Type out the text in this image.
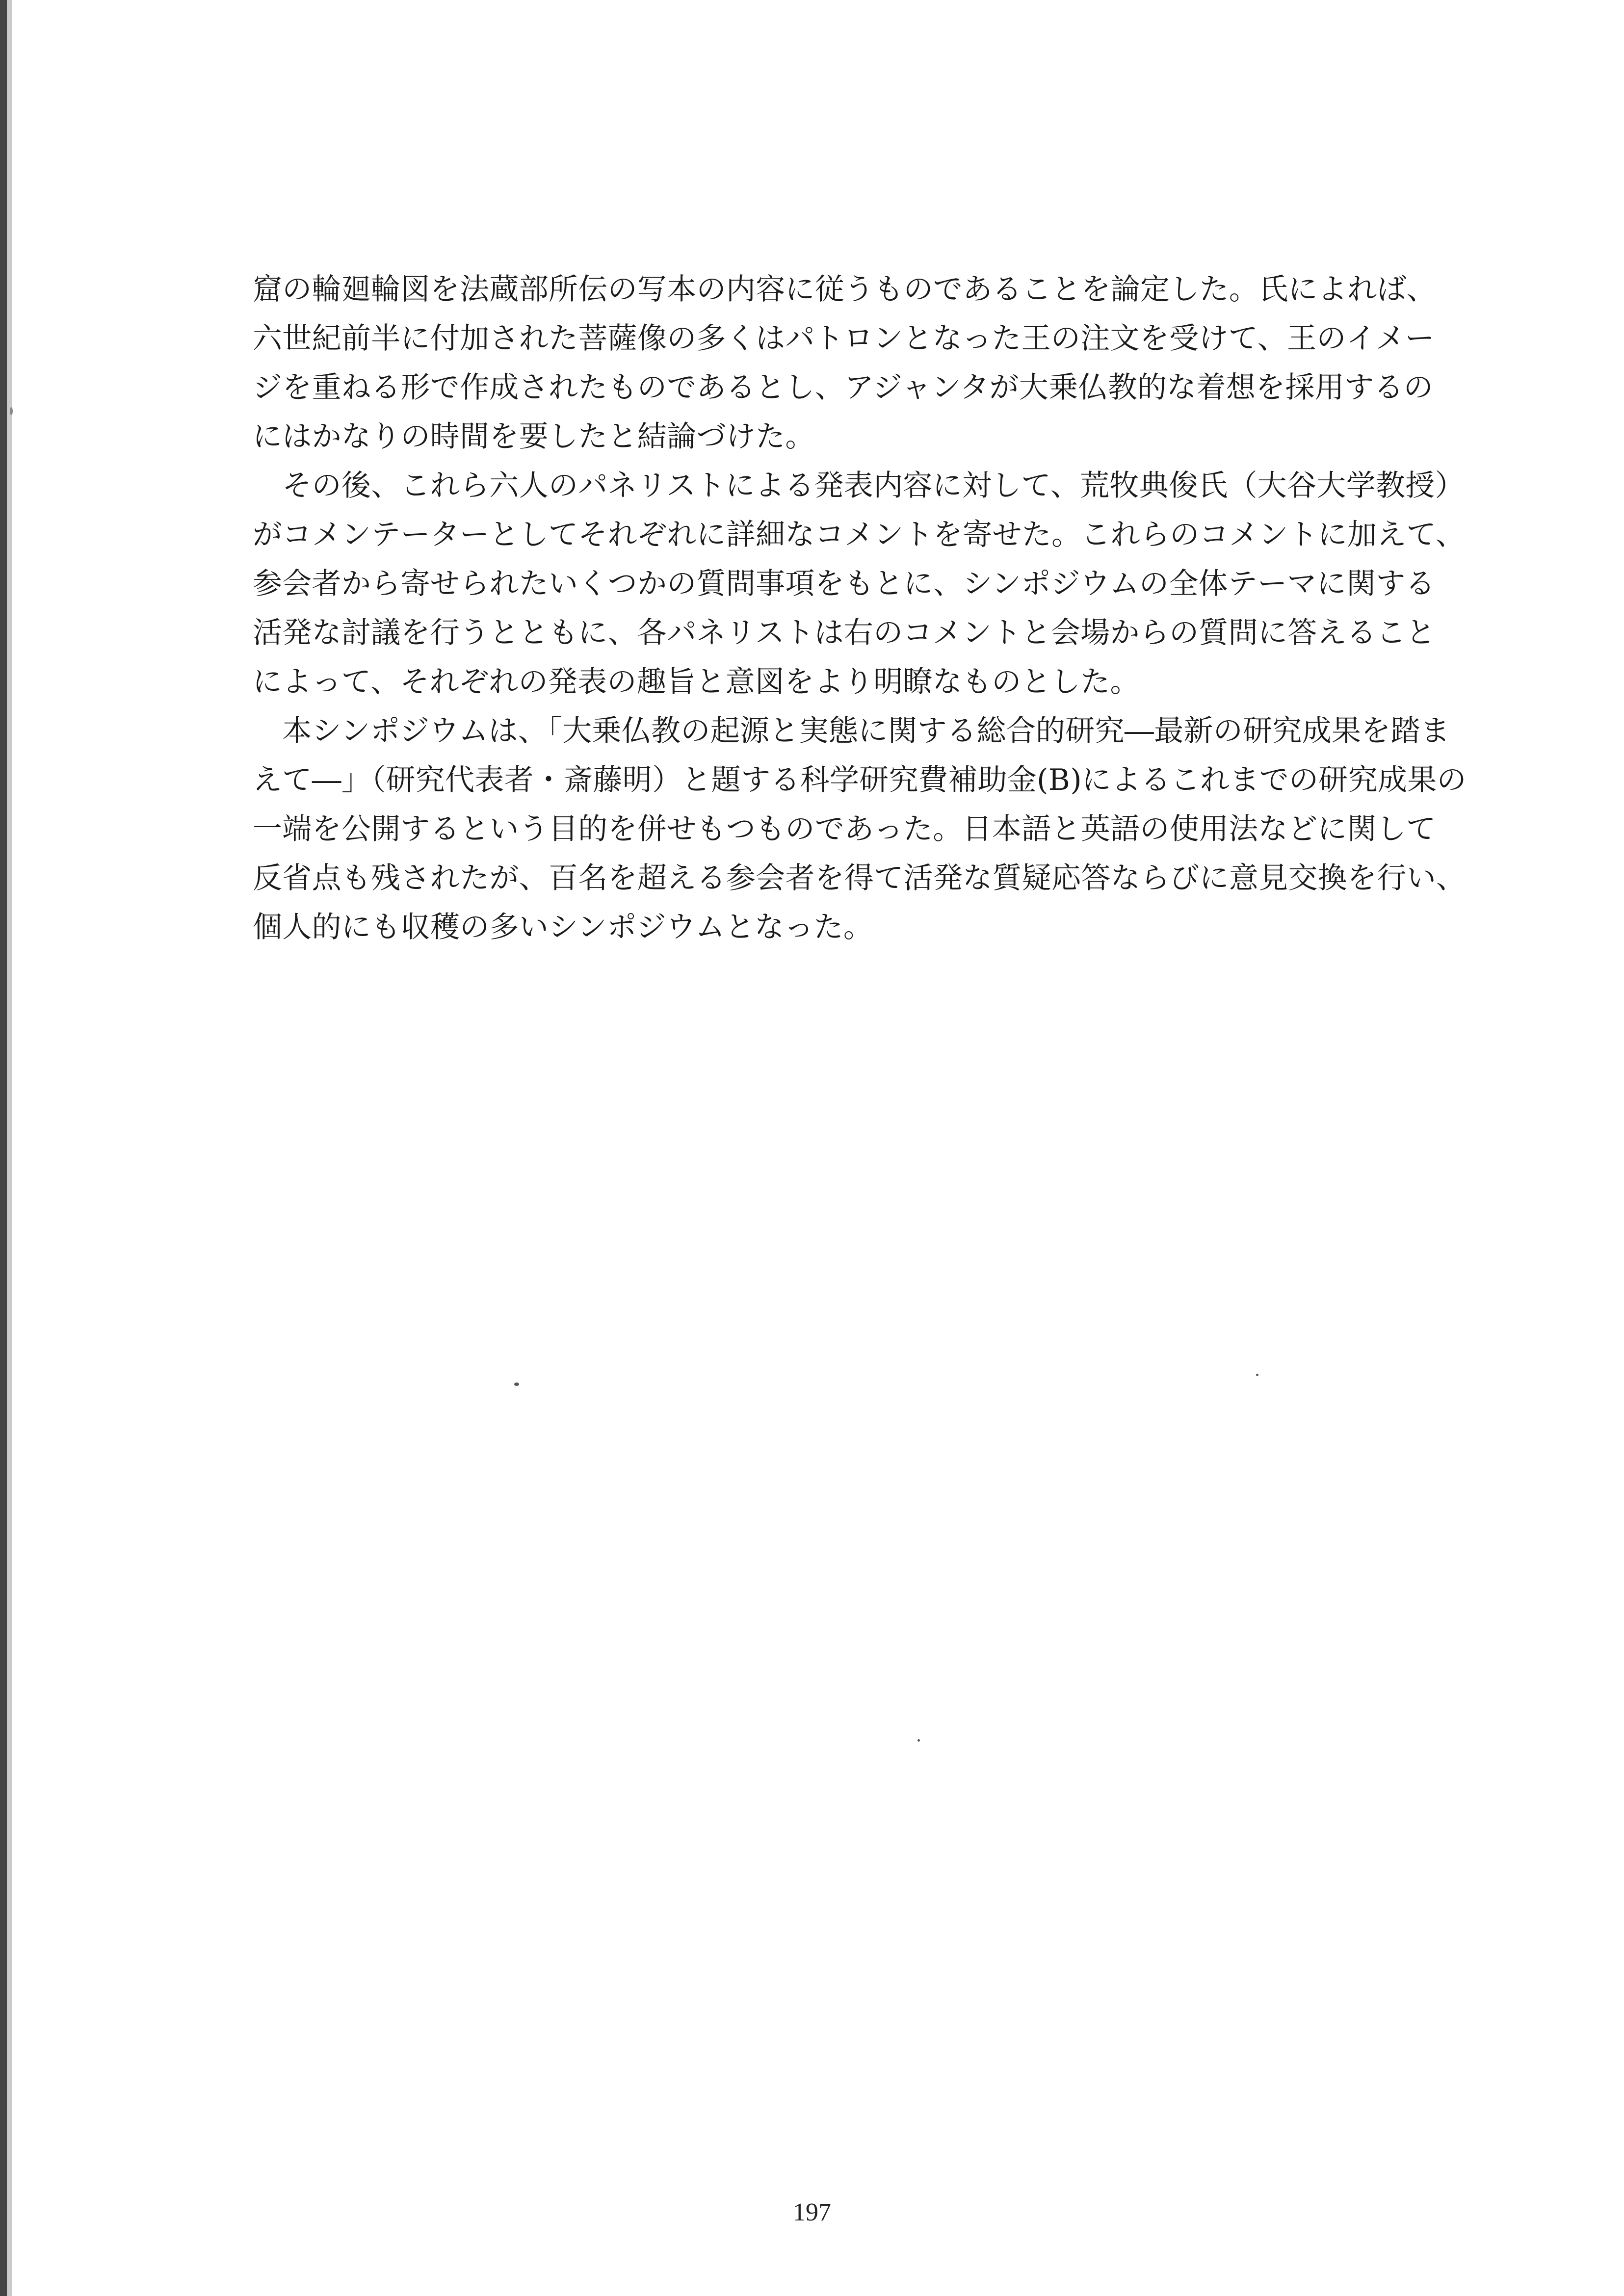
窟の輪廻輪図を法蔵部所伝の写本の内容に従うものであることを論定した。氏によれば、
六世紀前半に付加された菩薩像の多くはパトロンとなった王の注文を受けて、王のイメー
ジを重ねる形で作成されたものであるとし、アジャンタが大乗仏教的な着想を採用するの
にはかなりの時間を要したと結論づけた。
　その後、これら六人のパネリストによる発表内容に対して、荒牧典俊氏（大谷大学教授）
がコメンテーターとしてそれぞれに詳細なコメントを寄せた。これらのコメントに加えて、
参会者から寄せられたいくつかの質問事項をもとに、シンポジウムの全体テーマに関する
活発な討議を行うとともに、各パネリストは右のコメントと会場からの質問に答えること
によって、それぞれの発表の趣旨と意図をより明瞭なものとした。
　本シンポジウムは、「大乗仏教の起源と実態に関する総合的研究―最新の研究成果を踏ま
えて―」（研究代表者・斎藤明）と題する科学研究費補助金(B)によるこれまでの研究成果の
一端を公開するという目的を併せもつものであった。日本語と英語の使用法などに関して
反省点も残されたが、百名を超える参会者を得て活発な質疑応答ならびに意見交換を行い、
個人的にも収穫の多いシンポジウムとなった。
197
